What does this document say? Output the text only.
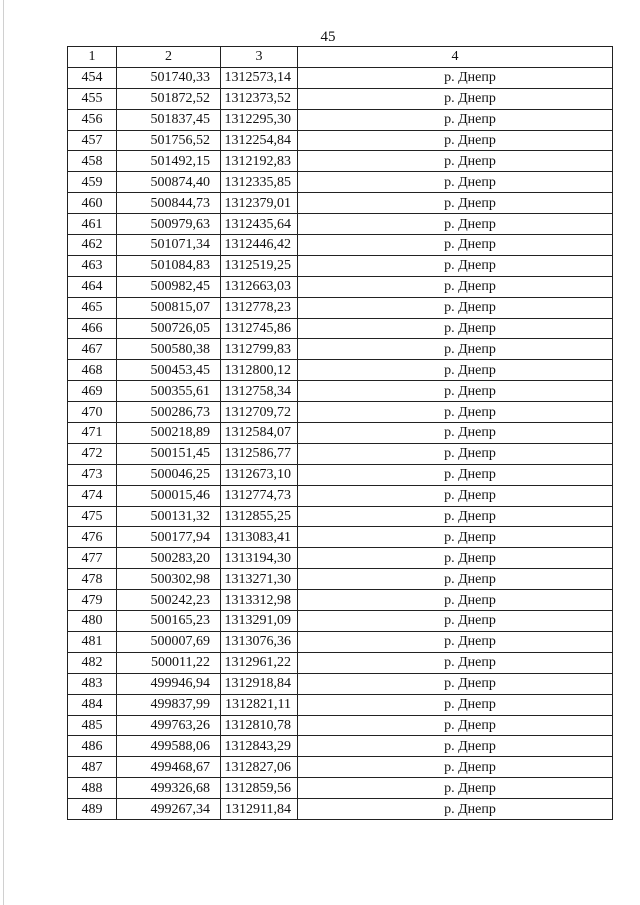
45
1	2	3	4
454	501740,33	1312573,14	р. Днепр
455	501872,52	1312373,52	р. Днепр
456	501837,45	1312295,30	р. Днепр
457	501756,52	1312254,84	р. Днепр
458	501492,15	1312192,83	р. Днепр
459	500874,40	1312335,85	р. Днепр
460	500844,73	1312379,01	р. Днепр
461	500979,63	1312435,64	р. Днепр
462	501071,34	1312446,42	р. Днепр
463	501084,83	1312519,25	р. Днепр
464	500982,45	1312663,03	р. Днепр
465	500815,07	1312778,23	р. Днепр
466	500726,05	1312745,86	р. Днепр
467	500580,38	1312799,83	р. Днепр
468	500453,45	1312800,12	р. Днепр
469	500355,61	1312758,34	р. Днепр
470	500286,73	1312709,72	р. Днепр
471	500218,89	1312584,07	р. Днепр
472	500151,45	1312586,77	р. Днепр
473	500046,25	1312673,10	р. Днепр
474	500015,46	1312774,73	р. Днепр
475	500131,32	1312855,25	р. Днепр
476	500177,94	1313083,41	р. Днепр
477	500283,20	1313194,30	р. Днепр
478	500302,98	1313271,30	р. Днепр
479	500242,23	1313312,98	р. Днепр
480	500165,23	1313291,09	р. Днепр
481	500007,69	1313076,36	р. Днепр
482	500011,22	1312961,22	р. Днепр
483	499946,94	1312918,84	р. Днепр
484	499837,99	1312821,11	р. Днепр
485	499763,26	1312810,78	р. Днепр
486	499588,06	1312843,29	р. Днепр
487	499468,67	1312827,06	р. Днепр
488	499326,68	1312859,56	р. Днепр
489	499267,34	1312911,84	р. Днепр
